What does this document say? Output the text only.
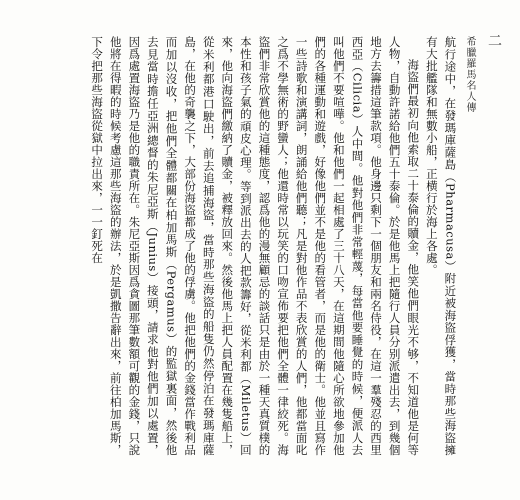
二

希臘羅馬名人傳

航行途中，在發瑪庫薩島（Pharmacusa）附近被海盜俘獲，當時那些海盜擁有大批艦隊和無數小船，正横行於海上各處。

海盜們最初向他索取二十泰倫的贖金，他笑他們眼光不够，不知道他是何等人物，自動許諾給他們五十泰倫。於是他馬上把隨行人員分别派遣出去，到幾個地方去籌措這筆款項。他身邊只剩下一個朋友和兩名侍役，在這一羣殘忍的西里西亞（Cilicia）人中間。他對他們非常輕蔑，每當他要睡覺的時候，便派人去叫他們不要喧嘩。他和他們一起相處了三十八天，在這期間他隨心所欲地參加他們的各種運動和遊戲，好像他們並不是他的看管者，而是他的衛士。他並且寫作一些詩歌和演講詞，朗誦給他們聽；凡是對他作品不表欣賞的人們，他都當面叱之爲不學無術的野蠻人；他還時常以玩笑的口吻宣佈要把他們全體一律絞死。海盜們非常欣賞他的這種態度，認爲他的漫無顧忌的談話只是由於一種天真質樸的本性和孩子氣的頑皮心理。等到派出去的人把款籌好，從米利都（Miletus）回來，他向海盜們繳納了贖金，被釋放回來。然後他馬上把人員配置在幾隻船上，從米利都港口駛出，前去追捕海盜，當時那些海盜的船隻仍然停泊在發瑪庫薩島，在他的奇襲之下，大部份海盜都成了他的俘虜。他把他們的金錢當作戰利品而加以沒收，把他們全體都關在柏加馬斯（Pergamus）的監獄裏面，然後他去見當時擔任亞洲總督的朱尼亞斯（Junius）接頭，請求他對他們加以處置，因爲處置海盜乃是他的職責所在。朱尼亞斯因爲貪圖那筆數額可觀的金錢，只說他將在得暇的時候考慮這那些海盜的辦法，於是凱撒告辭出來，前往柏加馬斯，下令把那些海盜從獄中拉出來，一一釘死在
